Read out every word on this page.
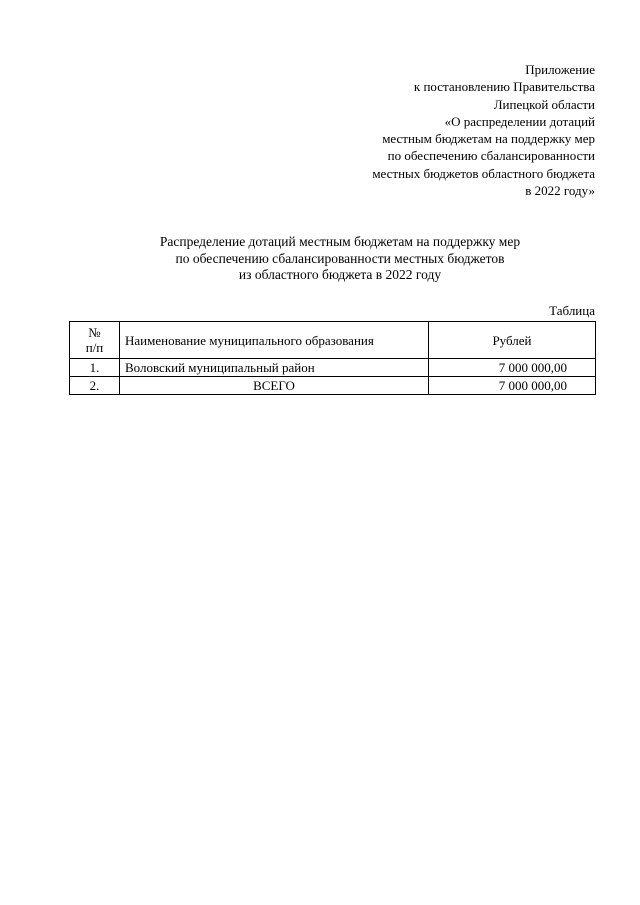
Приложение
к постановлению Правительства
Липецкой области
«О распределении дотаций
местным бюджетам на поддержку мер
по обеспечению сбалансированности
местных бюджетов областного бюджета
в 2022 году»
Распределение дотаций местным бюджетам на поддержку мер
по обеспечению сбалансированности местных бюджетов
из областного бюджета в 2022 году
Таблица
№
п/п	Наименование муниципального образования	Рублей
1.	Воловский муниципальный район	7 000 000,00
2.	ВСЕГО	7 000 000,00
